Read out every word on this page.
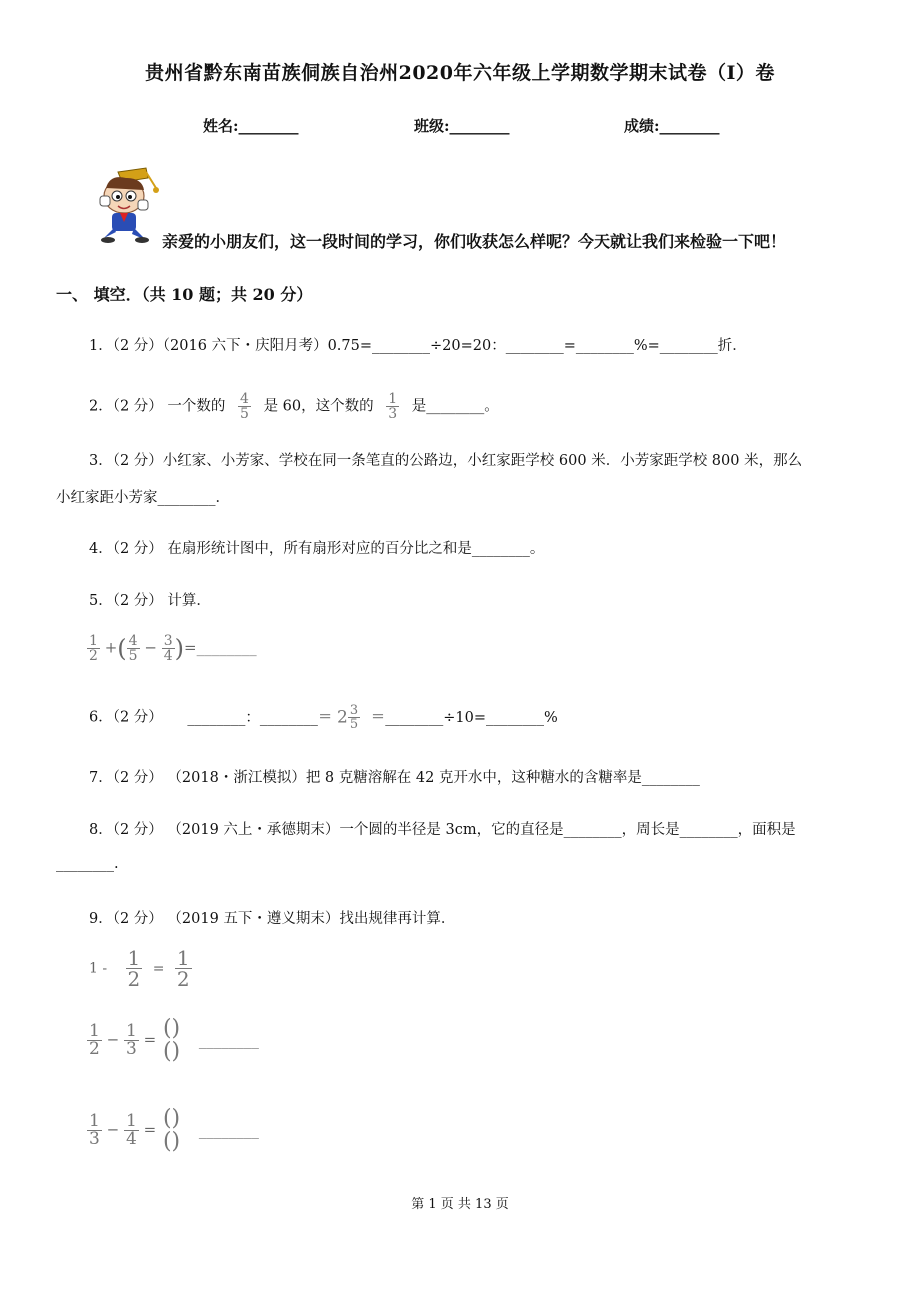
贵州省黔东南苗族侗族自治州2020年六年级上学期数学期末试卷（I）卷
姓名:________	班级:________	成绩:________
亲爱的小朋友们，这一段时间的学习，你们收获怎么样呢？今天就让我们来检验一下吧！
一、 填空．（共 10 题；共 20 分）
1．（2 分）（2016 六下・庆阳月考）0.75=________÷20=20：________=________%=________折．
2．（2 分） 一个数的 $\frac{4}{5}$ 是 60，这个数的 $\frac{1}{3}$ 是________。
3．（2 分）小红家、小芳家、学校在同一条笔直的公路边，小红家距学校 600 米．小芳家距学校 800 米，那么
小红家距小芳家________．
4．（2 分） 在扇形统计图中，所有扇形对应的百分比之和是________。
5．（2 分） 计算．
$\frac{1}{2}$ +( $\frac{4}{5} - \frac{3}{4}$ )=________
6．（2 分） ________：________＝ $2 \frac{3}{5}$ ＝________÷10=________%
7．（2 分） （2018・浙江模拟）把 8 克糖溶解在 42 克开水中，这种糖水的含糖率是________
8．（2 分） （2019 六上・承德期末）一个圆的半径是 3cm，它的直径是________，周长是________，面积是
________.
9．（2 分） （2019 五下・遵义期末）找出规律再计算．
$1 - \frac{1}{2} = \frac{1}{2}$
$\frac{1}{2} - \frac{1}{3}$ = ()
() ________
$\frac{1}{3} - \frac{1}{4}$ = ()
() ________
第 1 页 共 13 页
